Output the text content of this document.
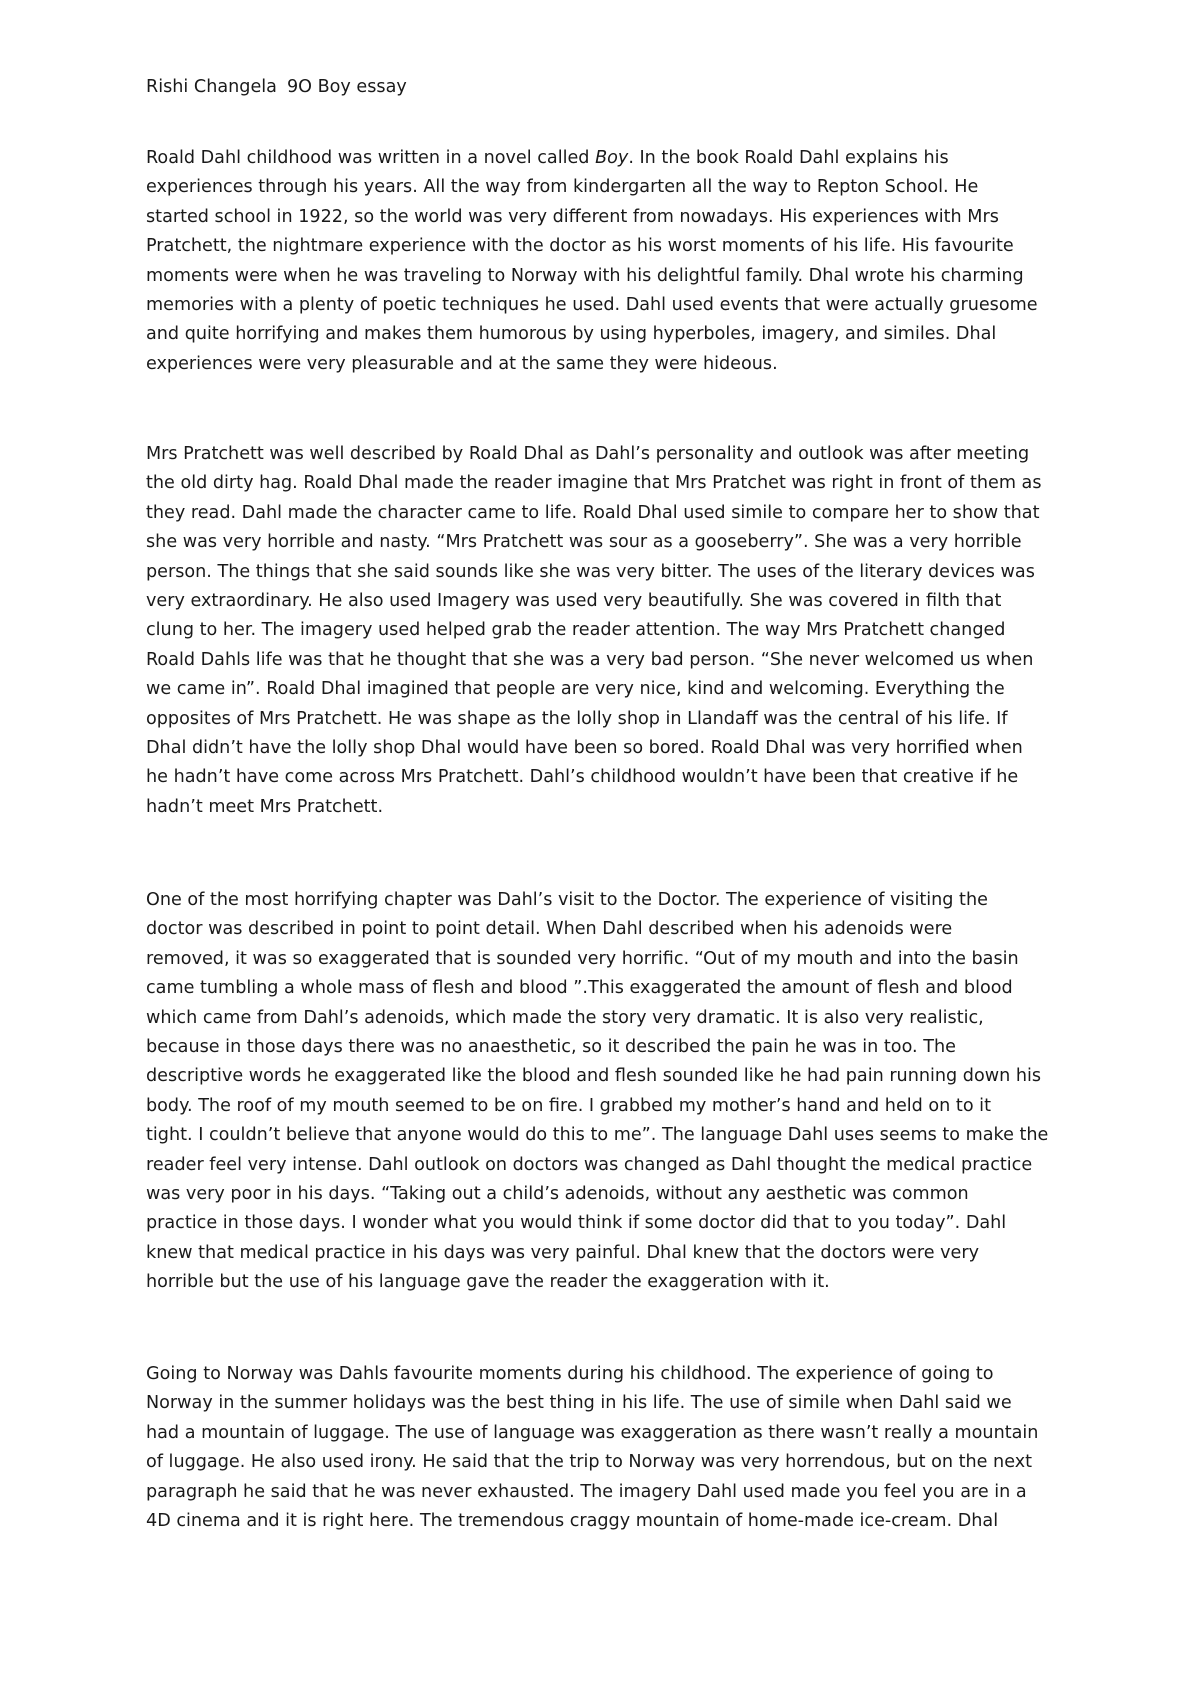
Rishi Changela 9O Boy essay
Roald Dahl childhood was written in a novel called Boy. In the book Roald Dahl explains his
experiences through his years. All the way from kindergarten all the way to Repton School. He
started school in 1922, so the world was very different from nowadays. His experiences with Mrs
Pratchett, the nightmare experience with the doctor as his worst moments of his life. His favourite
moments were when he was traveling to Norway with his delightful family. Dhal wrote his charming
memories with a plenty of poetic techniques he used. Dahl used events that were actually gruesome
and quite horrifying and makes them humorous by using hyperboles, imagery, and similes. Dhal
experiences were very pleasurable and at the same they were hideous.
Mrs Pratchett was well described by Roald Dhal as Dahl’s personality and outlook was after meeting
the old dirty hag. Roald Dhal made the reader imagine that Mrs Pratchet was right in front of them as
they read. Dahl made the character came to life. Roald Dhal used simile to compare her to show that
she was very horrible and nasty. “Mrs Pratchett was sour as a gooseberry”. She was a very horrible
person. The things that she said sounds like she was very bitter. The uses of the literary devices was
very extraordinary. He also used Imagery was used very beautifully. She was covered in filth that
clung to her. The imagery used helped grab the reader attention. The way Mrs Pratchett changed
Roald Dahls life was that he thought that she was a very bad person. “She never welcomed us when
we came in”. Roald Dhal imagined that people are very nice, kind and welcoming. Everything the
opposites of Mrs Pratchett. He was shape as the lolly shop in Llandaff was the central of his life. If
Dhal didn’t have the lolly shop Dhal would have been so bored. Roald Dhal was very horrified when
he hadn’t have come across Mrs Pratchett. Dahl’s childhood wouldn’t have been that creative if he
hadn’t meet Mrs Pratchett.
One of the most horrifying chapter was Dahl’s visit to the Doctor. The experience of visiting the
doctor was described in point to point detail. When Dahl described when his adenoids were
removed, it was so exaggerated that is sounded very horrific. “Out of my mouth and into the basin
came tumbling a whole mass of flesh and blood ”.This exaggerated the amount of flesh and blood
which came from Dahl’s adenoids, which made the story very dramatic. It is also very realistic,
because in those days there was no anaesthetic, so it described the pain he was in too. The
descriptive words he exaggerated like the blood and flesh sounded like he had pain running down his
body. The roof of my mouth seemed to be on fire. I grabbed my mother’s hand and held on to it
tight. I couldn’t believe that anyone would do this to me”. The language Dahl uses seems to make the
reader feel very intense. Dahl outlook on doctors was changed as Dahl thought the medical practice
was very poor in his days. “Taking out a child’s adenoids, without any aesthetic was common
practice in those days. I wonder what you would think if some doctor did that to you today”. Dahl
knew that medical practice in his days was very painful. Dhal knew that the doctors were very
horrible but the use of his language gave the reader the exaggeration with it.
Going to Norway was Dahls favourite moments during his childhood. The experience of going to
Norway in the summer holidays was the best thing in his life. The use of simile when Dahl said we
had a mountain of luggage. The use of language was exaggeration as there wasn’t really a mountain
of luggage. He also used irony. He said that the trip to Norway was very horrendous, but on the next
paragraph he said that he was never exhausted. The imagery Dahl used made you feel you are in a
4D cinema and it is right here. The tremendous craggy mountain of home-made ice-cream. Dhal
